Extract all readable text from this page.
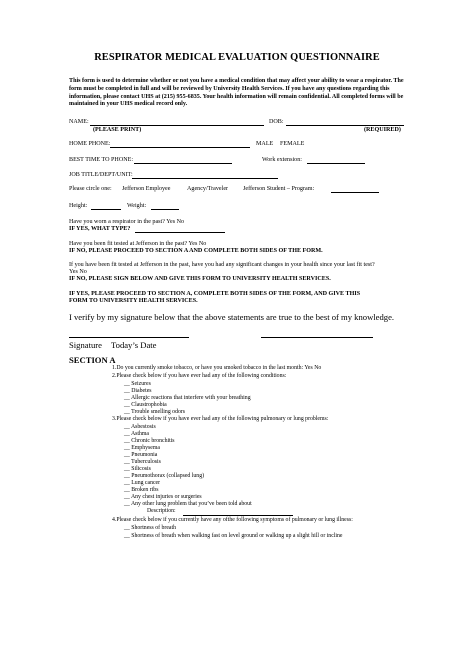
RESPIRATOR MEDICAL EVALUATION QUESTIONNAIRE
This form is used to determine whether or not you have a medical condition that may affect your ability to wear a respirator. The form must be completed in full and will be reviewed by University Health Services. If you have any questions regarding this information, please contact UHS at (215) 955-6835. Your health information will remain confidential. All completed forms will be maintained in your UHS medical record only.
NAME:	DOB:
(PLEASE PRINT)	(REQUIRED)
HOME PHONE:	MALE FEMALE
BEST TIME TO PHONE:	Work extension:
JOB TITLE/DEPT/UNIT:
Please circle one: Jefferson Employee	Agency/Traveler Jefferson Student – Program:
Height:	Weight:
Have you worn a respirator in the past? Yes No
IF YES, WHAT TYPE?
Have you been fit tested at Jefferson in the past? Yes No
IF NO, PLEASE PROCEED TO SECTION A AND COMPLETE BOTH SIDES OF THE FORM.
If you have been fit tested at Jefferson in the past, have you had any significant changes in your health since your last fit test?
Yes No
IF NO, PLEASE SIGN BELOW AND GIVE THIS FORM TO UNIVERSITY HEALTH SERVICES.
IF YES, PLEASE PROCEED TO SECTION A, COMPLETE BOTH SIDES OF THE FORM, AND GIVE THIS
FORM TO UNIVERSITY HEALTH SERVICES.
I verify by my signature below that the above statements are true to the best of my knowledge.
Signature Today’s Date
SECTION A
1.Do you currently smoke tobacco, or have you smoked tobacco in the last month: Yes No
2.Please check below if you have ever had any of the following conditions:
__ Seizures
__ Diabetes
__ Allergic reactions that interfere with your breathing
__ Claustrophobia
__ Trouble smelling odors
3.Please check below if you have ever had any of the following pulmonary or lung problems:
__ Asbestosis
__ Asthma
__ Chronic bronchitis
__ Emphysema
__ Pneumonia
__ Tuberculosis
__ Silicosis
__ Pneumothorax (collapsed lung)
__ Lung cancer
__ Broken ribs
__ Any chest injuries or surgeries
__ Any other lung problem that you’ve been told about
Description:
4.Please check below if you currently have any ofthe following symptoms of pulmonary or lung illness:
__ Shortness of breath
__ Shortness of breath when walking fast on level ground or walking up a slight hill or incline
